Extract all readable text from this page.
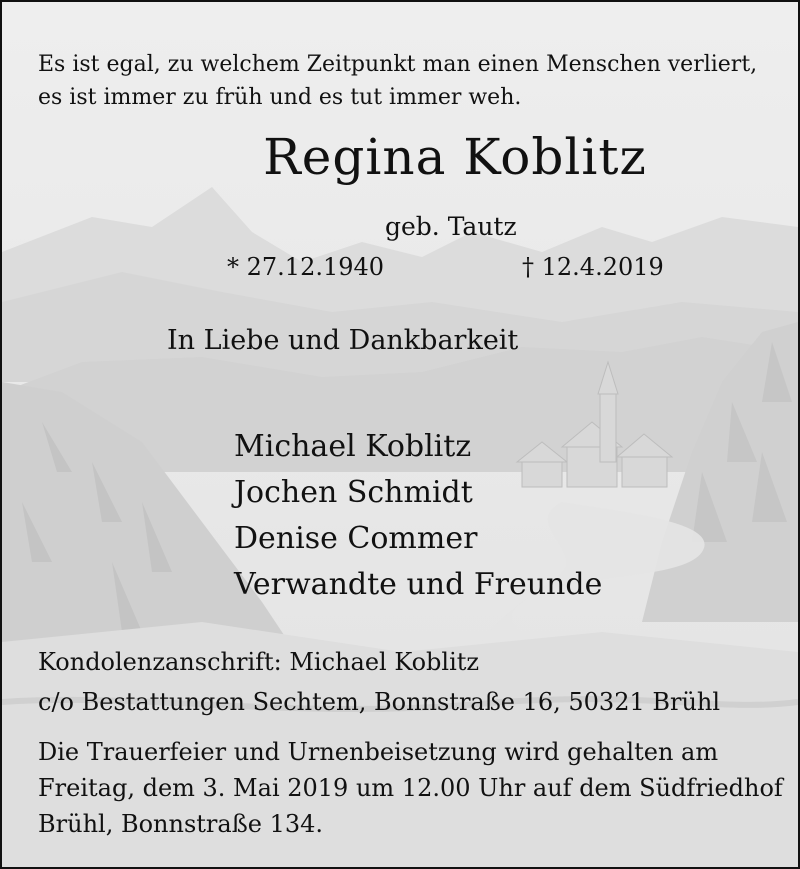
Es ist egal, zu welchem Zeitpunkt man einen Menschen verliert,
es ist immer zu früh und es tut immer weh.
Regina Koblitz
geb. Tautz
* 27.12.1940	† 12.4.2019
In Liebe und Dankbarkeit
Michael Koblitz
Jochen Schmidt
Denise Commer
Verwandte und Freunde
Kondolenzanschrift: Michael Koblitz
c/o Bestattungen Sechtem, Bonnstraße 16, 50321 Brühl
Die Trauerfeier und Urnenbeisetzung wird gehalten am
Freitag, dem 3. Mai 2019 um 12.00 Uhr auf dem Südfriedhof
Brühl, Bonnstraße 134.
